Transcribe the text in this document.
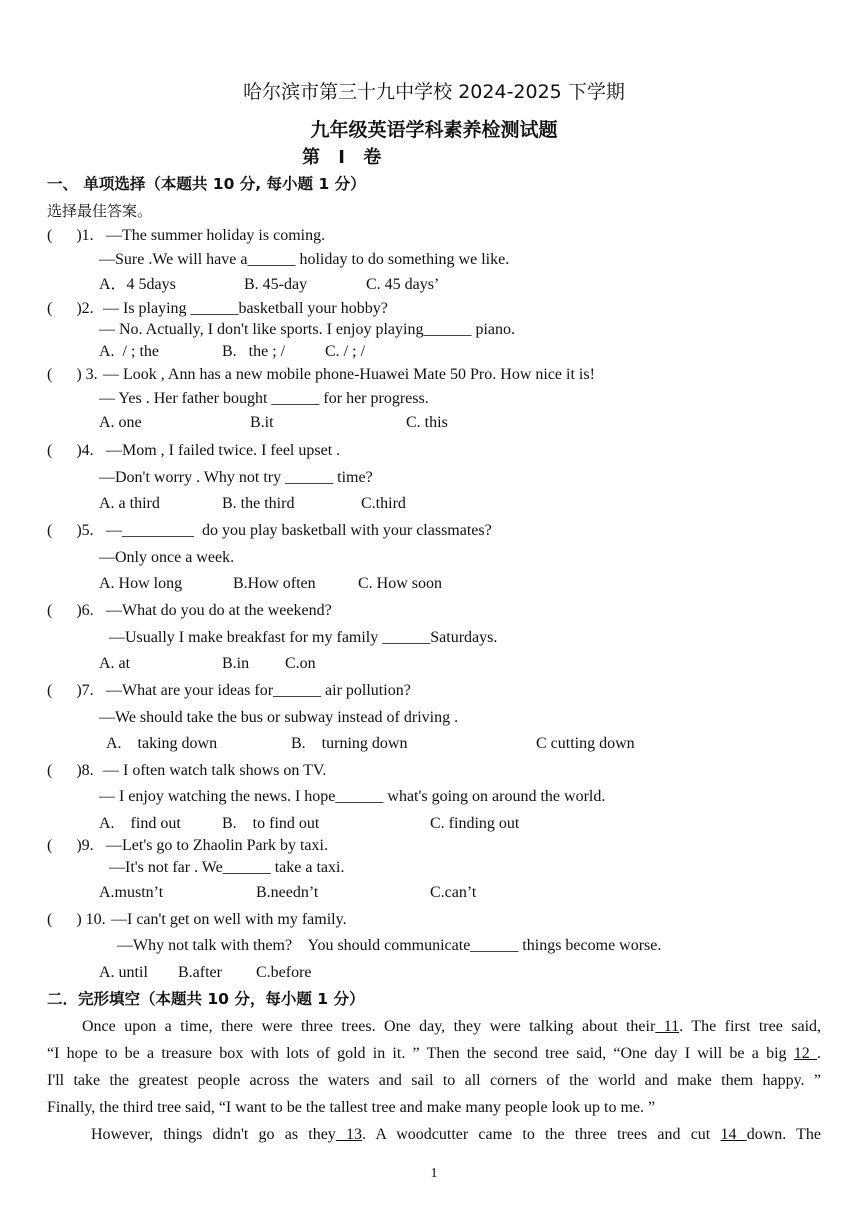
哈尔滨市第三十九中学校 2024-2025 下学期
九年级英语学科素养检测试题
第 Ⅰ 卷
一、 单项选择（本题共 10 分, 每小题 1 分）
选择最佳答案。
(      )1. —The summer holiday is coming.
—Sure .We will have a______ holiday to do something we like.
A．4 5days	B. 45-day	C. 45 days’
(      )2. — Is playing ______basketball your hobby?
— No. Actually, I don't like sports. I enjoy playing______ piano.
A.  / ; the	B.   the ; / C. / ; /
(      ) 3. — Look , Ann has a new mobile phone-Huawei Mate 50 Pro. How nice it is!
— Yes . Her father bought ______ for her progress.
A. one	B.it	C. this
(      )4. —Mom , I failed twice. I feel upset .
—Don't worry . Why not try ______ time?
A. a third	B. the third	C.third
(      )5. —_________  do you play basketball with your classmates?
—Only once a week.
A. How long	B.How often	C. How soon
(      )6. —What do you do at the weekend?
—Usually I make breakfast for my family ______Saturdays.
A. at	B.in C.on
(      )7. —What are your ideas for______ air pollution?
—We should take the bus or subway instead of driving .
A.    taking down	B.    turning down	C cutting down
(      )8. — I often watch talk shows on TV.
— I enjoy watching the news. I hope______ what's going on around the world.
A.    find out	B.    to find out	C. finding out
(      )9. —Let's go to Zhaolin Park by taxi.
—It's not far . We______ take a taxi.
A.mustn’t	B.needn’t	C.can’t
(      ) 10. —I can't get on well with my family.
—Why not talk with them?    You should communicate______ things become worse.
A. until B.after C.before
二．完形填空（本题共 10 分，每小题 1 分）
Once upon a time, there were three trees. One day, they were talking about their 11. The first tree said,
“I hope to be a treasure box with lots of gold in it. ” Then the second tree said, “One day I will be a big 12 .
I'll take the greatest people across the waters and sail to all corners of the world and make them happy. ”
Finally, the third tree said, “I want to be the tallest tree and make many people look up to me. ”
However, things didn't go as they 13. A woodcutter came to the three trees and cut 14 down. The
1
